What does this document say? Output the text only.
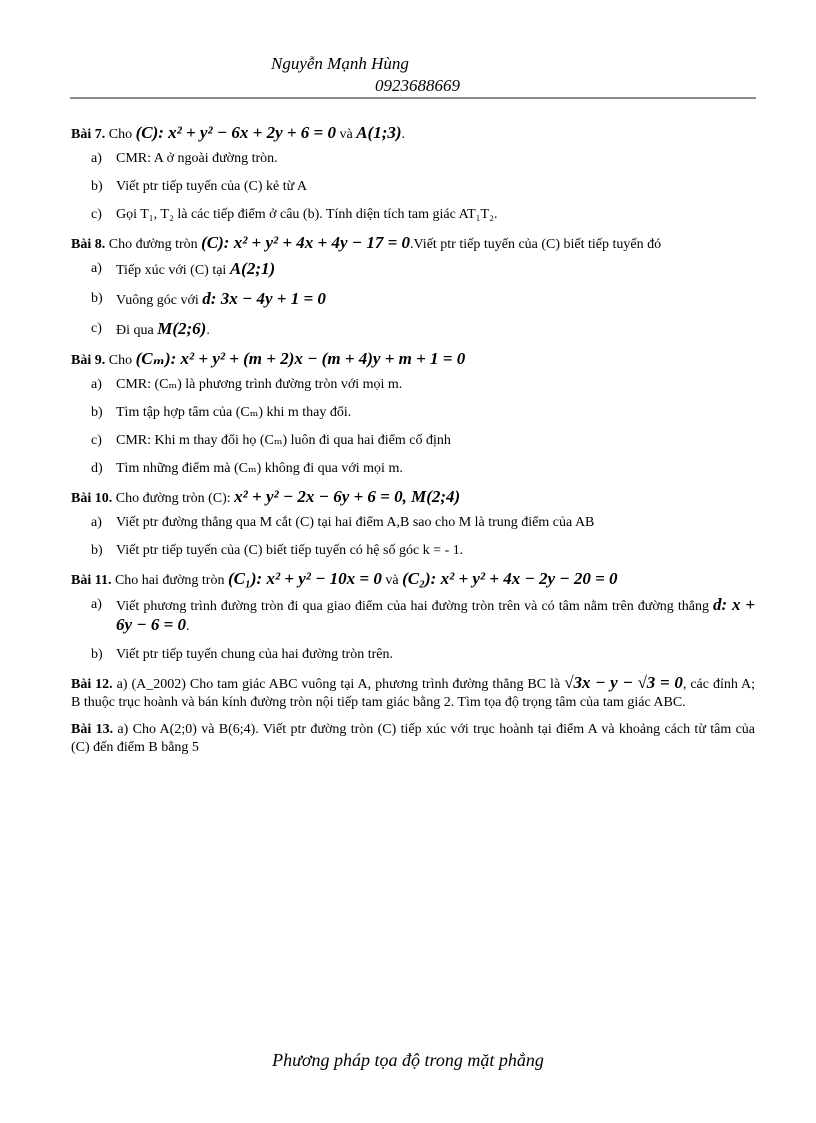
Nguyễn Mạnh Hùng
0923688669
Bài 7. Cho (C): x² + y² − 6x + 2y + 6 = 0 và A(1;3).
a) CMR: A ở ngoài đường tròn.
b) Viết ptr tiếp tuyến của (C) kẻ từ A
c) Gọi T₁, T₂ là các tiếp điểm ở câu (b). Tính diện tích tam giác AT₁T₂.
Bài 8. Cho đường tròn (C): x² + y² + 4x + 4y − 17 = 0.Viết ptr tiếp tuyến của (C) biết tiếp tuyến đó
a) Tiếp xúc với (C) tại A(2;1)
b) Vuông góc với d: 3x − 4y + 1 = 0
c) Đi qua M(2;6).
Bài 9. Cho (Cₘ): x² + y² + (m + 2)x − (m + 4)y + m + 1 = 0
a) CMR: (Cₘ) là phương trình đường tròn với mọi m.
b) Tìm tập hợp tâm của (Cₘ) khi m thay đổi.
c) CMR: Khi m thay đổi họ (Cₘ) luôn đi qua hai điểm cố định
d) Tìm những điểm mà (Cₘ) không đi qua với mọi m.
Bài 10. Cho đường tròn (C): x² + y² − 2x − 6y + 6 = 0, M(2;4)
a) Viết ptr đường thẳng qua M cắt (C) tại hai điểm A,B sao cho M là trung điểm của AB
b) Viết ptr tiếp tuyến của (C) biết tiếp tuyến có hệ số góc k = - 1.
Bài 11. Cho hai đường tròn (C₁): x² + y² − 10x = 0 và (C₂): x² + y² + 4x − 2y − 20 = 0
a) Viết phương trình đường tròn đi qua giao điểm của hai đường tròn trên và có tâm nằm trên đường thẳng d: x + 6y − 6 = 0.
b) Viết ptr tiếp tuyến chung của hai đường tròn trên.
Bài 12. a) (A_2002) Cho tam giác ABC vuông tại A, phương trình đường thẳng BC là √3x − y − √3 = 0, các đỉnh A; B thuộc trục hoành và bán kính đường tròn nội tiếp tam giác bằng 2. Tìm tọa độ trọng tâm của tam giác ABC.
Bài 13. a) Cho A(2;0) và B(6;4). Viết ptr đường tròn (C) tiếp xúc với trục hoành tại điểm A và khoảng cách từ tâm của (C) đến điểm B bằng 5
Phương pháp tọa độ trong mặt phẳng
